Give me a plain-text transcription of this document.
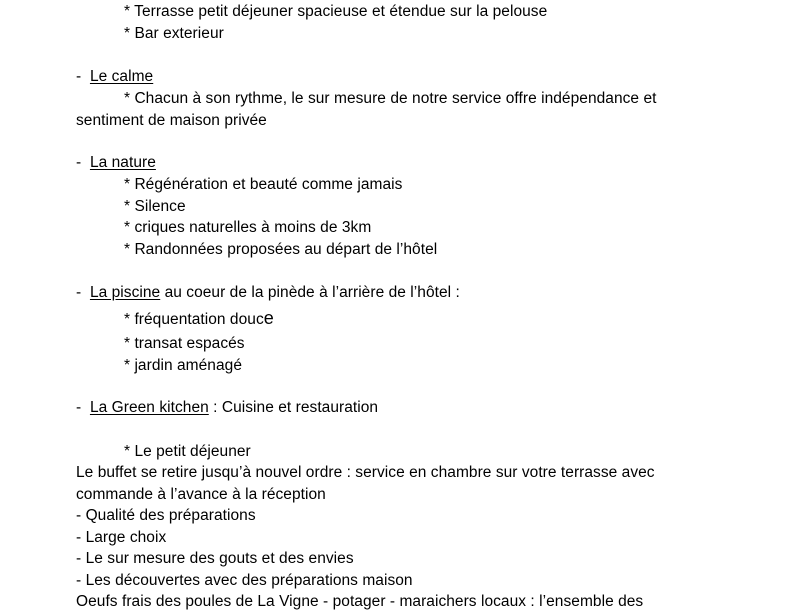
* Terrasse petit déjeuner spacieuse et étendue sur la pelouse
* Bar exterieur
- Le calme
* Chacun à son rythme, le sur mesure de notre service offre indépendance et
sentiment de maison privée
- La nature
* Régénération et beauté comme jamais
* Silence
* criques naturelles à moins de 3km
* Randonnées proposées au départ de l’hôtel
- La piscine au coeur de la pinède à l’arrière de l’hôtel :
* fréquentation douce
* transat espacés
* jardin aménagé
- La Green kitchen : Cuisine et restauration
* Le petit déjeuner
Le buffet se retire jusqu’à nouvel ordre : service en chambre sur votre terrasse avec
commande à l’avance à la réception
- Qualité des préparations
- Large choix
- Le sur mesure des gouts et des envies
- Les découvertes avec des préparations maison
Oeufs frais des poules de La Vigne - potager - maraichers locaux : l’ensemble des
